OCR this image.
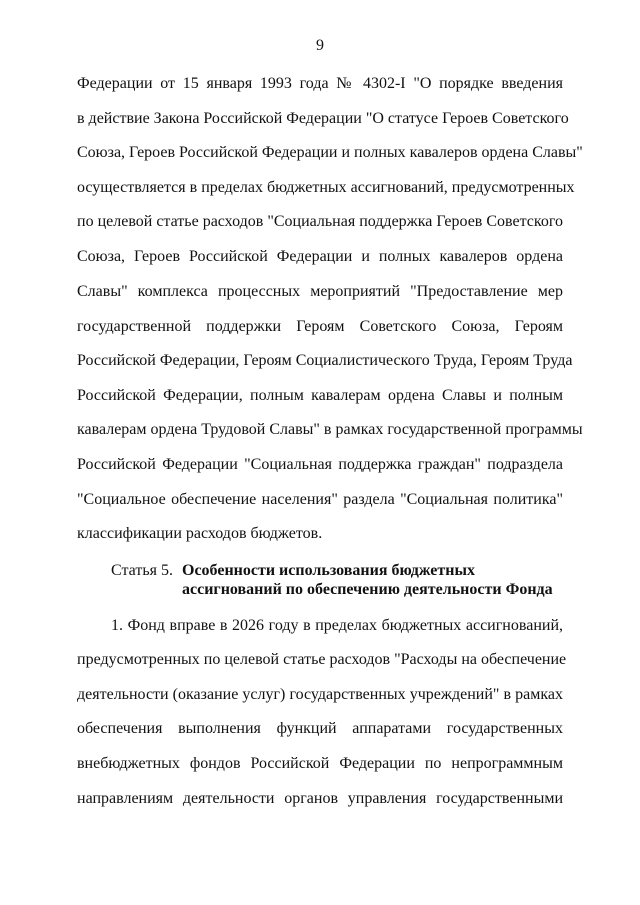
9
Федерации от 15 января 1993 года № 4302-I "О порядке введения
в действие Закона Российской Федерации "О статусе Героев Советского
Союза, Героев Российской Федерации и полных кавалеров ордена Славы"
осуществляется в пределах бюджетных ассигнований, предусмотренных
по целевой статье расходов "Социальная поддержка Героев Советского
Союза, Героев Российской Федерации и полных кавалеров ордена
Славы" комплекса процессных мероприятий "Предоставление мер
государственной поддержки Героям Советского Союза, Героям
Российской Федерации, Героям Социалистического Труда, Героям Труда
Российской Федерации, полным кавалерам ордена Славы и полным
кавалерам ордена Трудовой Славы" в рамках государственной программы
Российской Федерации "Социальная поддержка граждан" подраздела
"Социальное обеспечение населения" раздела "Социальная политика"
классификации расходов бюджетов.
Статья 5. Особенности использования бюджетных
ассигнований по обеспечению деятельности Фонда
1. Фонд вправе в 2026 году в пределах бюджетных ассигнований,
предусмотренных по целевой статье расходов "Расходы на обеспечение
деятельности (оказание услуг) государственных учреждений" в рамках
обеспечения выполнения функций аппаратами государственных
внебюджетных фондов Российской Федерации по непрограммным
направлениям деятельности органов управления государственными
